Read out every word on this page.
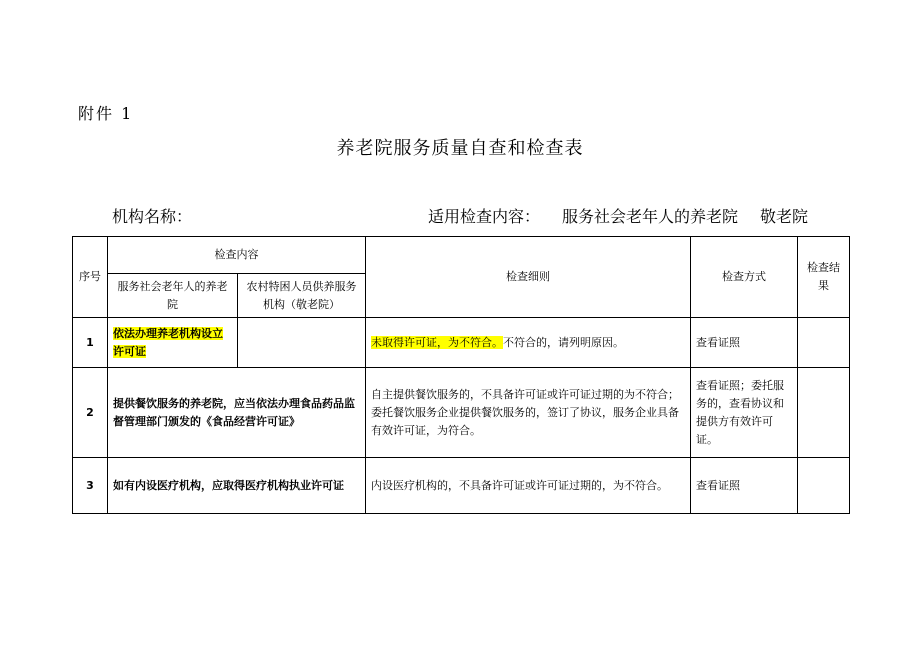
附件 1
养老院服务质量自查和检查表
机构名称：	适用检查内容： 服务社会老年人的养老院 敬老院
序号	检查内容		检查细则	检查方式	检查结果
	服务社会老年人的养老院	农村特困人员供养服务机构（敬老院）			
1	依法办理养老机构设立许可证		未取得许可证，为不符合。不符合的，请列明原因。	查看证照	
2	提供餐饮服务的养老院，应当依法办理食品药品监督管理部门颁发的《食品经营许可证》		自主提供餐饮服务的，不具备许可证或许可证过期的为不符合；委托餐饮服务企业提供餐饮服务的，签订了协议，服务企业具备有效许可证，为符合。	查看证照；委托服务的，查看协议和提供方有效许可证。	
3	如有内设医疗机构，应取得医疗机构执业许可证		内设医疗机构的，不具备许可证或许可证过期的，为不符合。	查看证照	
